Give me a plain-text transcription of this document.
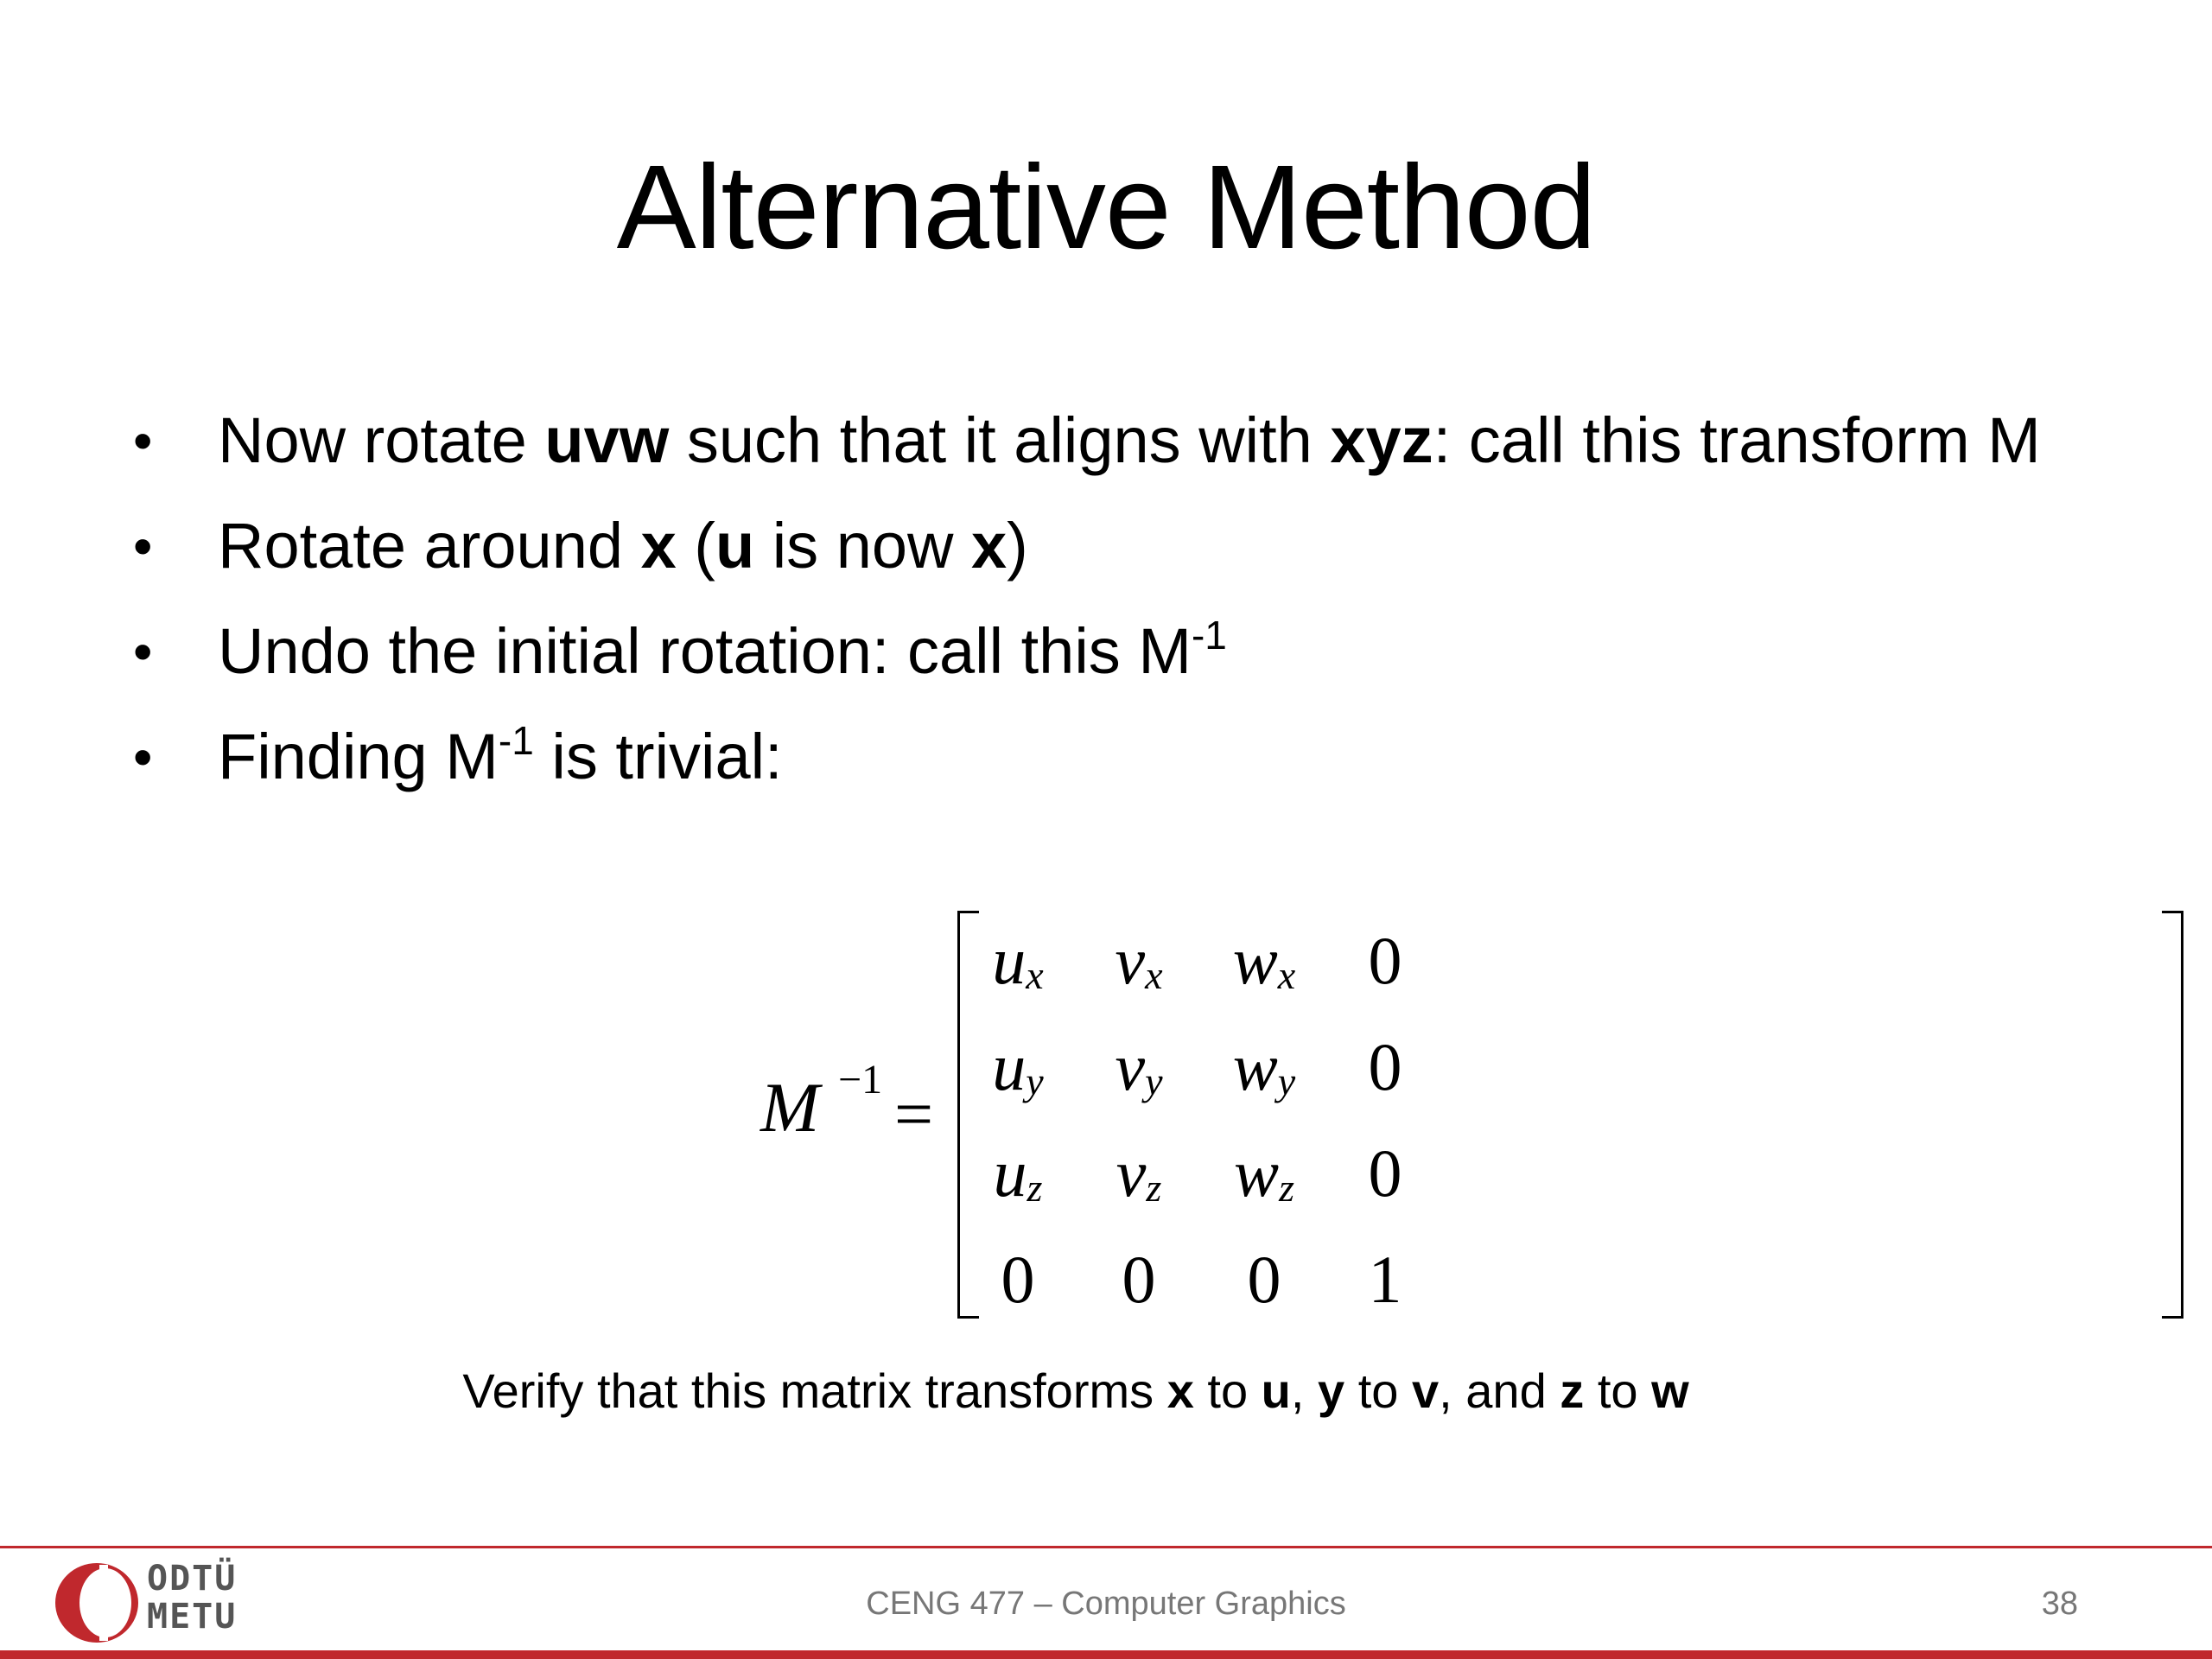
Alternative Method
• Now rotate uvw such that it aligns with xyz: call this transform M
• Rotate around x (u is now x)
• Undo the initial rotation: call this $M^{-1}$
• Finding $M^{-1}$ is trivial:
M −1 =
$u_x$	$v_x$	$w_x$	0
$u_y$	$v_y$	$w_y$	0
$u_z$	$v_z$	$w_z$	0
0	0	0	1
Verify that this matrix transforms x to u, y to v, and z to w
ODTÜ
METU	CENG 477 – Computer Graphics	38
